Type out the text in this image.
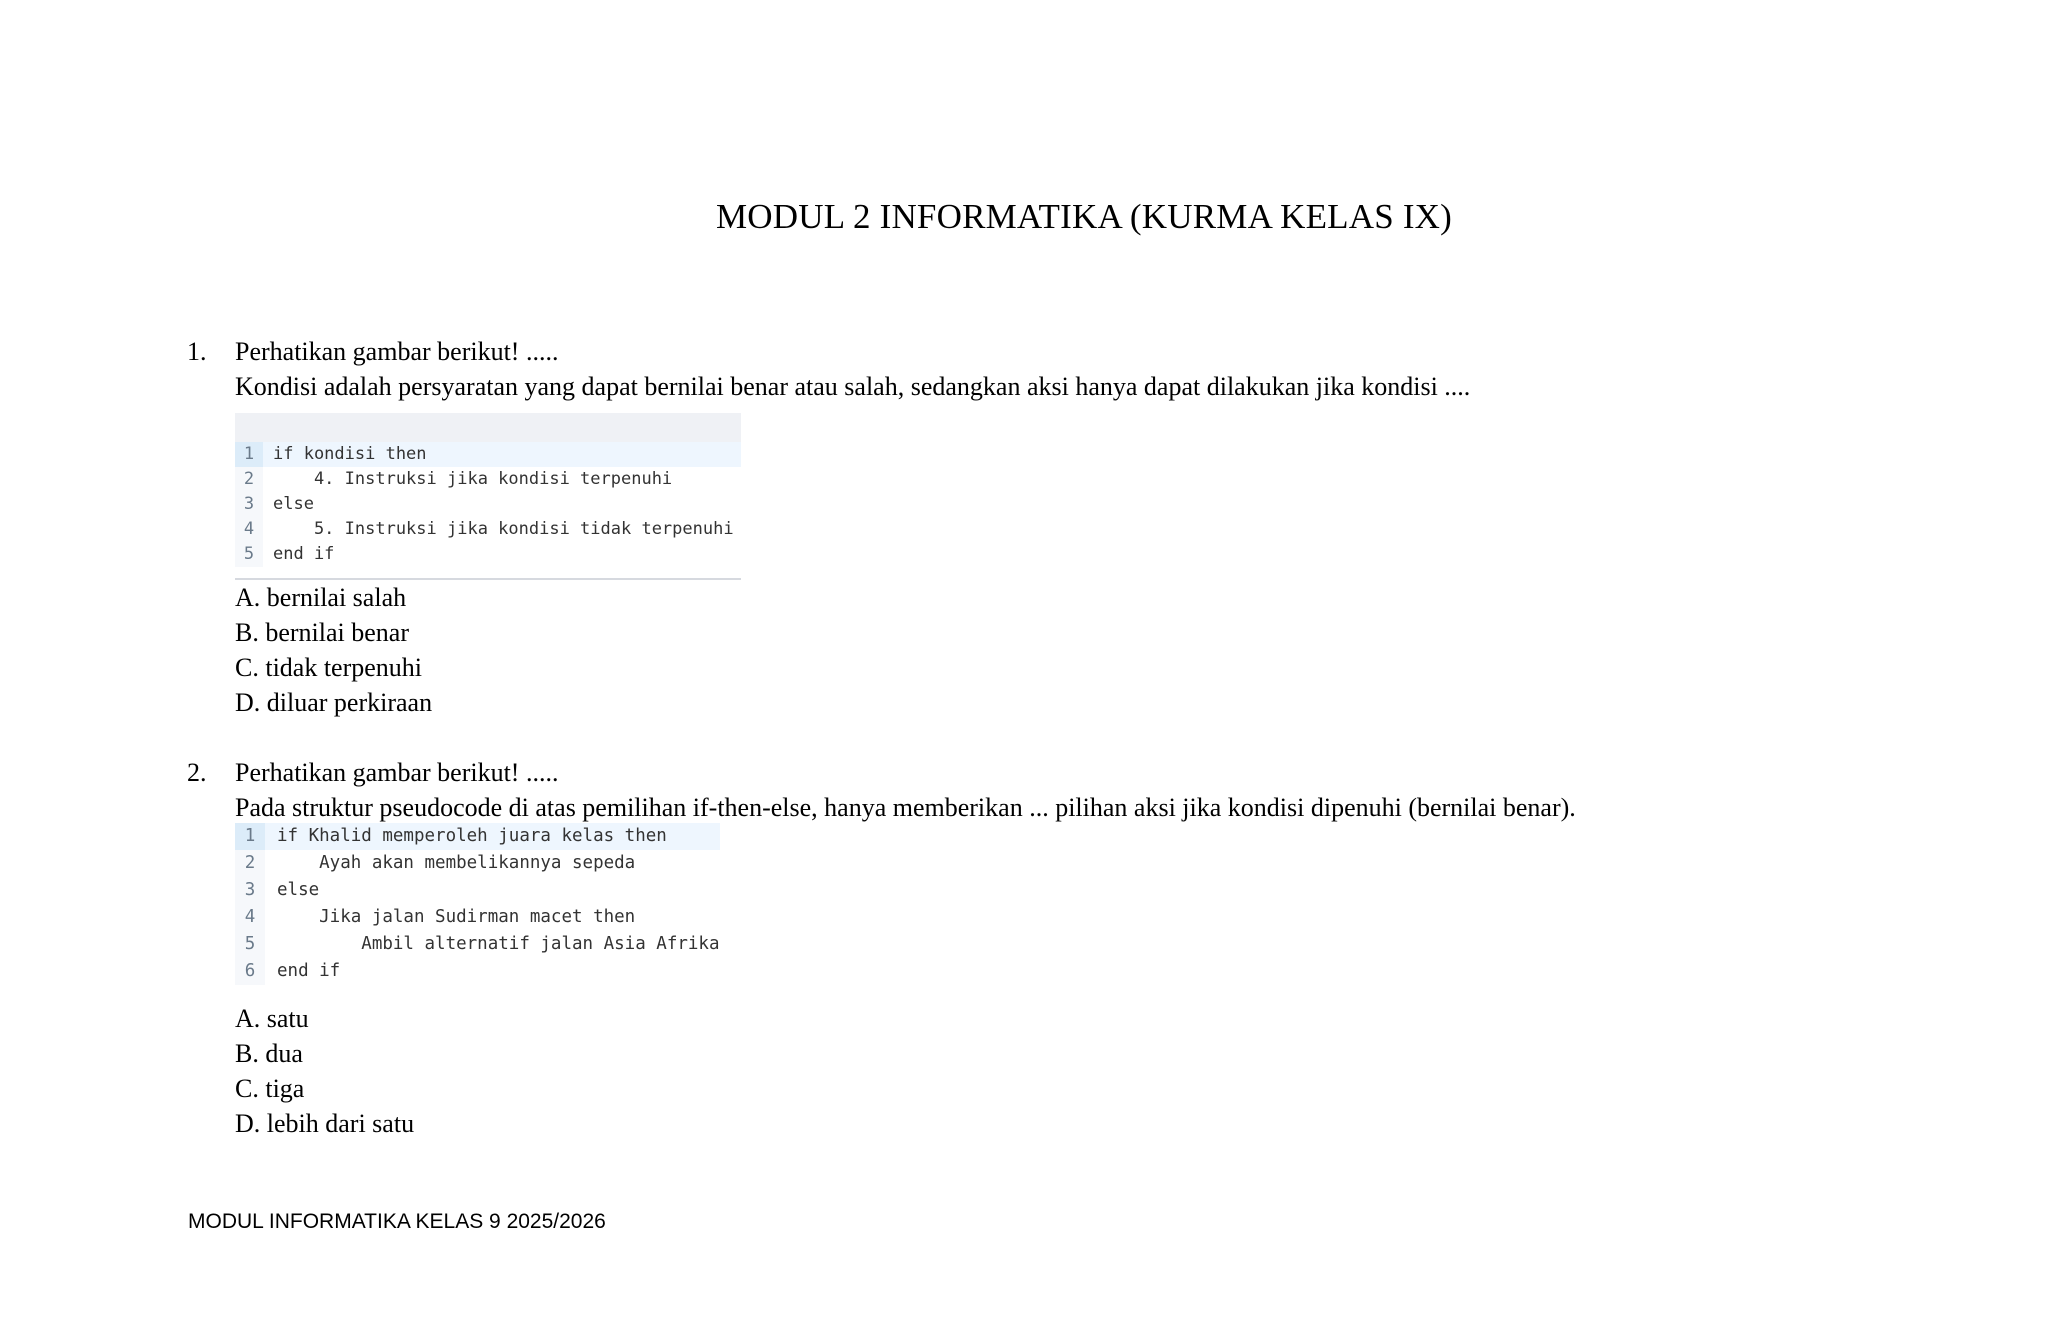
MODUL 2 INFORMATIKA (KURMA KELAS IX)
1.	Perhatikan gambar berikut! .....
Kondisi adalah persyaratan yang dapat bernilai benar atau salah, sedangkan aksi hanya dapat dilakukan jika kondisi ....
1	if kondisi then
2	4. Instruksi jika kondisi terpenuhi
3	else
4	5. Instruksi jika kondisi tidak terpenuhi
5	end if
A. bernilai salah
B. bernilai benar
C. tidak terpenuhi
D. diluar perkiraan
2.	Perhatikan gambar berikut! .....
Pada struktur pseudocode di atas pemilihan if-then-else, hanya memberikan ... pilihan aksi jika kondisi dipenuhi (bernilai benar).
1	if Khalid memperoleh juara kelas then
2	Ayah akan membelikannya sepeda
3	else
4	Jika jalan Sudirman macet then
5	Ambil alternatif jalan Asia Afrika
6	end if
A. satu
B. dua
C. tiga
D. lebih dari satu
MODUL INFORMATIKA KELAS 9 2025/2026
